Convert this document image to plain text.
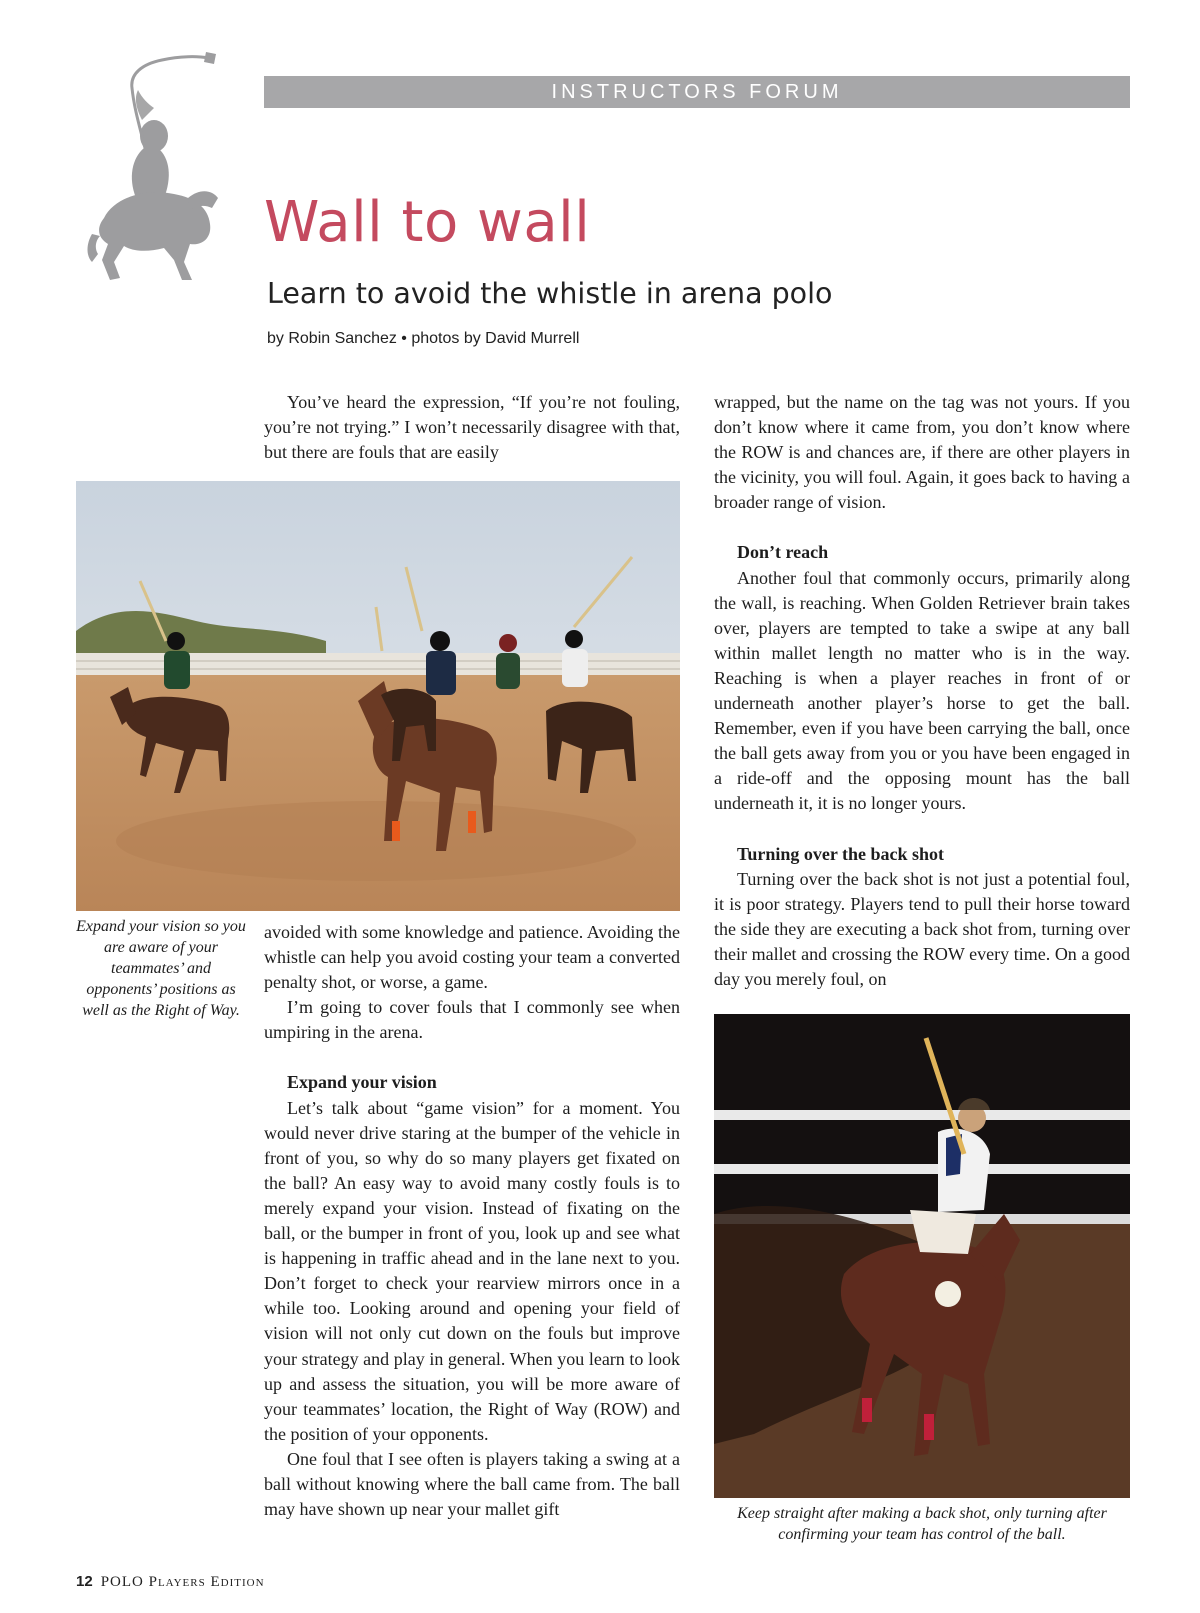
INSTRUCTORS FORUM
Wall to wall
Learn to avoid the whistle in arena polo
by Robin Sanchez • photos by David Murrell

You’ve heard the expression, “If you’re not fouling, you’re not trying.” I won’t necessarily disagree with that, but there are fouls that are easily

Expand your vision so you are aware of your teammates’ and opponents’ positions as well as the Right of Way.

avoided with some knowledge and patience. Avoiding the whistle can help you avoid costing your team a converted penalty shot, or worse, a game.

I’m going to cover fouls that I commonly see when umpiring in the arena.

Expand your vision

Let’s talk about “game vision” for a moment. You would never drive staring at the bumper of the vehicle in front of you, so why do so many players get fixated on the ball? An easy way to avoid many costly fouls is to merely expand your vision. Instead of fixating on the ball, or the bumper in front of you, look up and see what is happening in traffic ahead and in the lane next to you. Don’t forget to check your rearview mirrors once in a while too. Looking around and opening your field of vision will not only cut down on the fouls but improve your strategy and play in general. When you learn to look up and assess the situation, you will be more aware of your teammates’ location, the Right of Way (ROW) and the position of your opponents.

One foul that I see often is players taking a swing at a ball without knowing where the ball came from. The ball may have shown up near your mallet gift

wrapped, but the name on the tag was not yours. If you don’t know where it came from, you don’t know where the ROW is and chances are, if there are other players in the vicinity, you will foul. Again, it goes back to having a broader range of vision.

Don’t reach

Another foul that commonly occurs, primarily along the wall, is reaching. When Golden Retriever brain takes over, players are tempted to take a swipe at any ball within mallet length no matter who is in the way. Reaching is when a player reaches in front of or underneath another player’s horse to get the ball. Remember, even if you have been carrying the ball, once the ball gets away from you or you have been engaged in a ride-off and the opposing mount has the ball underneath it, it is no longer yours.

Turning over the back shot

Turning over the back shot is not just a potential foul, it is poor strategy. Players tend to pull their horse toward the side they are executing a back shot from, turning over their mallet and crossing the ROW every time. On a good day you merely foul, on

Keep straight after making a back shot, only turning after confirming your team has control of the ball.
12 POLO Players Edition
